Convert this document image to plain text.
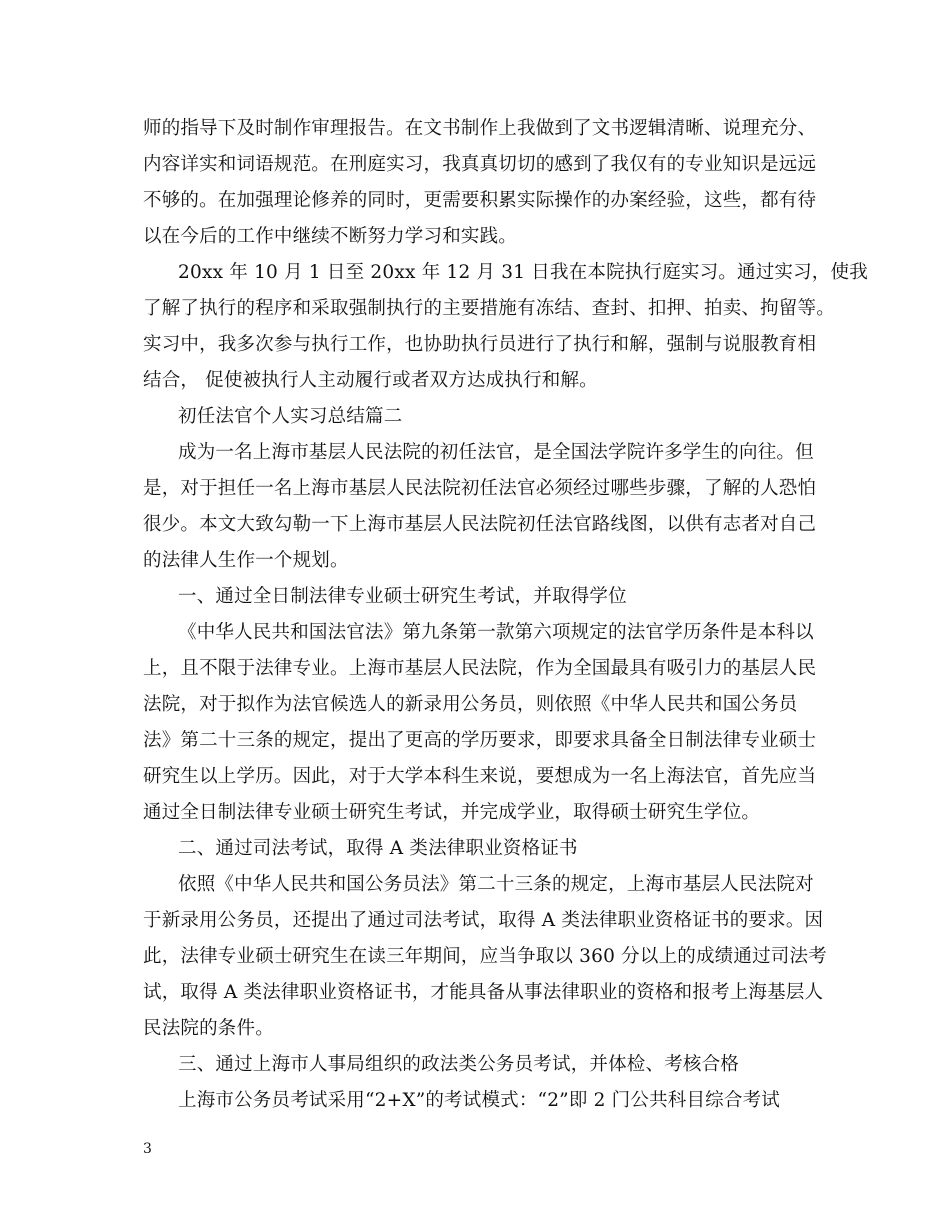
师的指导下及时制作审理报告。在文书制作上我做到了文书逻辑清晰、说理充分、
内容详实和词语规范。在刑庭实习，我真真切切的感到了我仅有的专业知识是远远
不够的。在加强理论修养的同时，更需要积累实际操作的办案经验，这些，都有待
以在今后的工作中继续不断努力学习和实践。
20xx 年 10 月 1 日至 20xx 年 12 月 31 日我在本院执行庭实习。通过实习，使我
了解了执行的程序和采取强制执行的主要措施有冻结、查封、扣押、拍卖、拘留等。
实习中，我多次参与执行工作，也协助执行员进行了执行和解，强制与说服教育相
结合， 促使被执行人主动履行或者双方达成执行和解。
初任法官个人实习总结篇二
成为一名上海市基层人民法院的初任法官，是全国法学院许多学生的向往。但
是，对于担任一名上海市基层人民法院初任法官必须经过哪些步骤，了解的人恐怕
很少。本文大致勾勒一下上海市基层人民法院初任法官路线图，以供有志者对自己
的法律人生作一个规划。
一、通过全日制法律专业硕士研究生考试，并取得学位
《中华人民共和国法官法》第九条第一款第六项规定的法官学历条件是本科以
上，且不限于法律专业。上海市基层人民法院，作为全国最具有吸引力的基层人民
法院，对于拟作为法官候选人的新录用公务员，则依照《中华人民共和国公务员
法》第二十三条的规定，提出了更高的学历要求，即要求具备全日制法律专业硕士
研究生以上学历。因此，对于大学本科生来说，要想成为一名上海法官，首先应当
通过全日制法律专业硕士研究生考试，并完成学业，取得硕士研究生学位。
二、通过司法考试，取得 A 类法律职业资格证书
依照《中华人民共和国公务员法》第二十三条的规定，上海市基层人民法院对
于新录用公务员，还提出了通过司法考试，取得 A 类法律职业资格证书的要求。因
此，法律专业硕士研究生在读三年期间，应当争取以 360 分以上的成绩通过司法考
试，取得 A 类法律职业资格证书，才能具备从事法律职业的资格和报考上海基层人
民法院的条件。
三、通过上海市人事局组织的政法类公务员考试，并体检、考核合格
上海市公务员考试采用“2+X”的考试模式：“2”即 2 门公共科目综合考试
3
